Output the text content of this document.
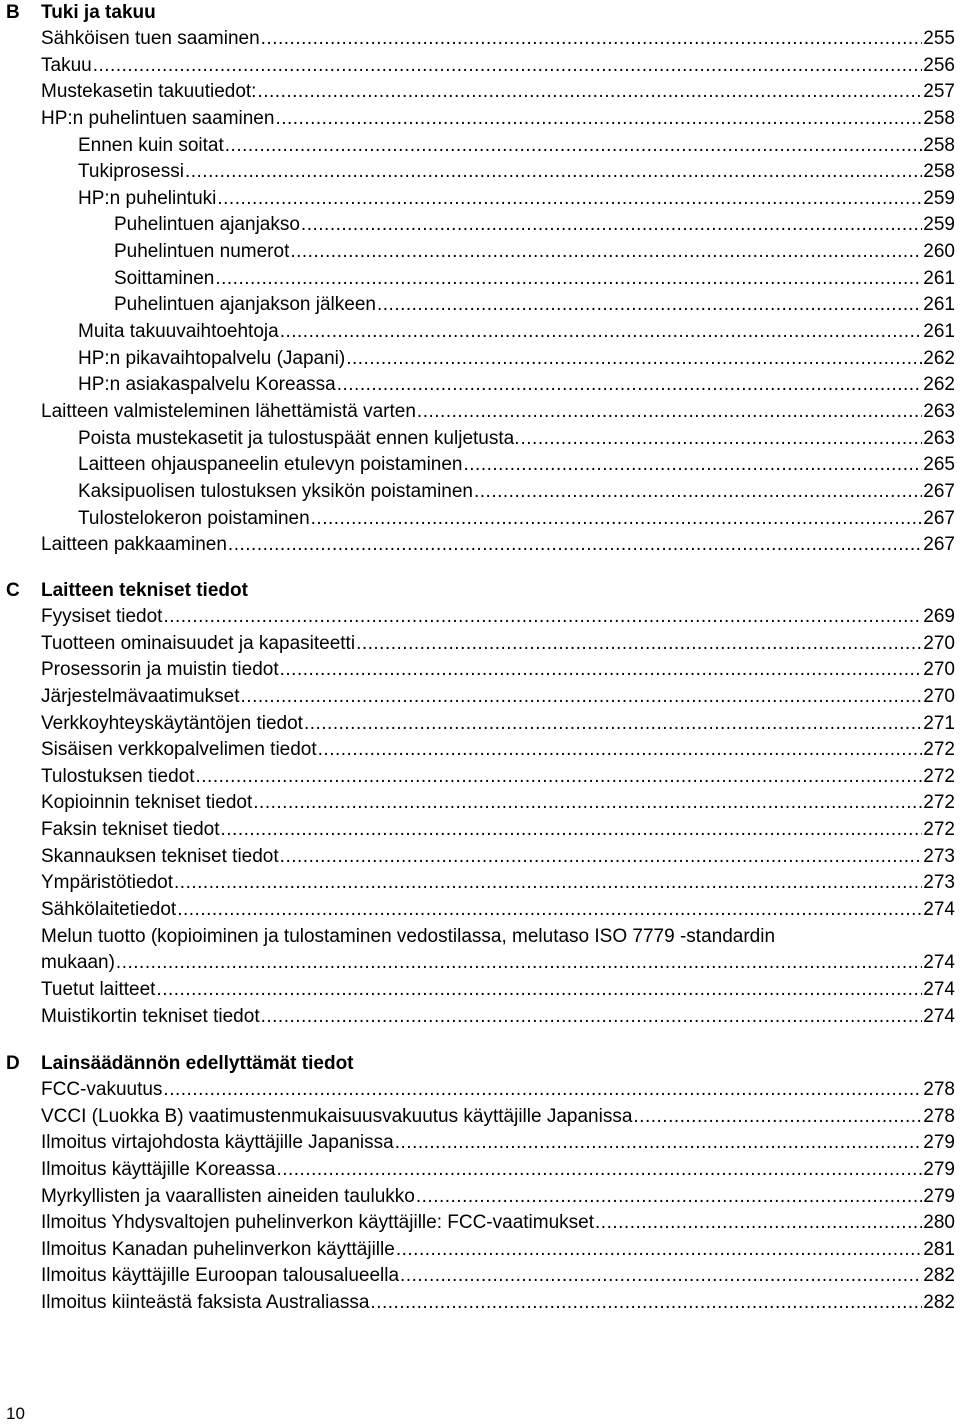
B Tuki ja takuu
Sähköisen tuen saaminen .....	255
Takuu .....	256
Mustekasetin takuutiedot: .....	257
HP:n puhelintuen saaminen .....	258
Ennen kuin soitat .....	258
Tukiprosessi .....	258
HP:n puhelintuki .....	259
Puhelintuen ajanjakso .....	259
Puhelintuen numerot .....	260
Soittaminen .....	261
Puhelintuen ajanjakson jälkeen .....	261
Muita takuuvaihtoehtoja .....	261
HP:n pikavaihtopalvelu (Japani) .....	262
HP:n asiakaspalvelu Koreassa .....	262
Laitteen valmisteleminen lähettämistä varten .....	263
Poista mustekasetit ja tulostuspäät ennen kuljetusta. .....	263
Laitteen ohjauspaneelin etulevyn poistaminen .....	265
Kaksipuolisen tulostuksen yksikön poistaminen .....	267
Tulostelokeron poistaminen .....	267
Laitteen pakkaaminen .....	267
C Laitteen tekniset tiedot
Fyysiset tiedot .....	269
Tuotteen ominaisuudet ja kapasiteetti .....	270
Prosessorin ja muistin tiedot .....	270
Järjestelmävaatimukset .....	270
Verkkoyhteyskäytäntöjen tiedot .....	271
Sisäisen verkkopalvelimen tiedot .....	272
Tulostuksen tiedot .....	272
Kopioinnin tekniset tiedot .....	272
Faksin tekniset tiedot .....	272
Skannauksen tekniset tiedot .....	273
Ympäristötiedot .....	273
Sähkölaitetiedot .....	274
Melun tuotto (kopioiminen ja tulostaminen vedostilassa, melutaso ISO 7779 -standardin
mukaan) .....	274
Tuetut laitteet .....	274
Muistikortin tekniset tiedot .....	274
D Lainsäädännön edellyttämät tiedot
FCC-vakuutus .....	278
VCCI (Luokka B) vaatimustenmukaisuusvakuutus käyttäjille Japanissa .....	278
Ilmoitus virtajohdosta käyttäjille Japanissa .....	279
Ilmoitus käyttäjille Koreassa .....	279
Myrkyllisten ja vaarallisten aineiden taulukko .....	279
Ilmoitus Yhdysvaltojen puhelinverkon käyttäjille: FCC-vaatimukset .....	280
Ilmoitus Kanadan puhelinverkon käyttäjille .....	281
Ilmoitus käyttäjille Euroopan talousalueella .....	282
Ilmoitus kiinteästä faksista Australiassa .....	282
10
